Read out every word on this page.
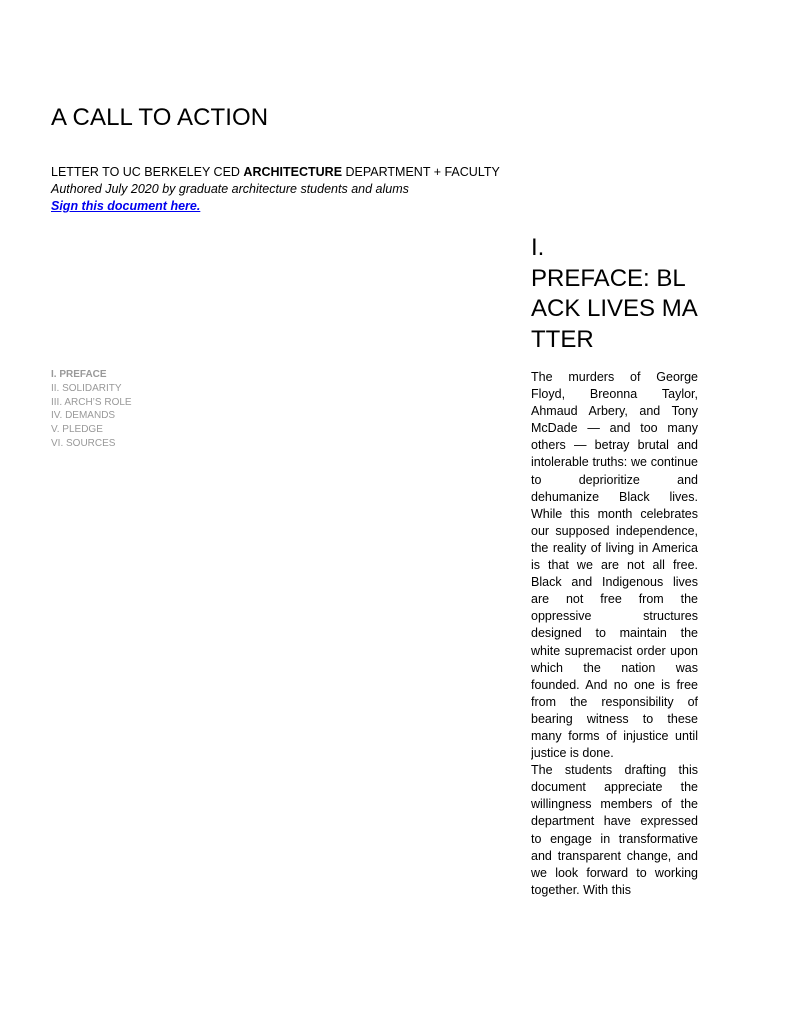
A CALL TO ACTION
LETTER TO UC BERKELEY CED ARCHITECTURE DEPARTMENT + FACULTY
Authored July 2020 by graduate architecture students and alums
Sign this document here.
I. PREFACE
II. SOLIDARITY
III. ARCH’S ROLE
IV. DEMANDS
V. PLEDGE
VI. SOURCES
I.
PREFACE: BLACK LIVES MATTER

The murders of George Floyd, Breonna Taylor, Ahmaud Arbery, and Tony McDade — and too many others — betray brutal and intolerable truths: we continue to deprioritize and dehumanize Black lives. While this month celebrates our supposed independence, the reality of living in America is that we are not all free. Black and Indigenous lives are not free from the oppressive structures designed to maintain the white supremacist order upon which the nation was founded. And no one is free from the responsibility of bearing witness to these many forms of injustice until justice is done.

The students drafting this document appreciate the willingness members of the department have expressed to engage in transformative and transparent change, and we look forward to working together. With this
